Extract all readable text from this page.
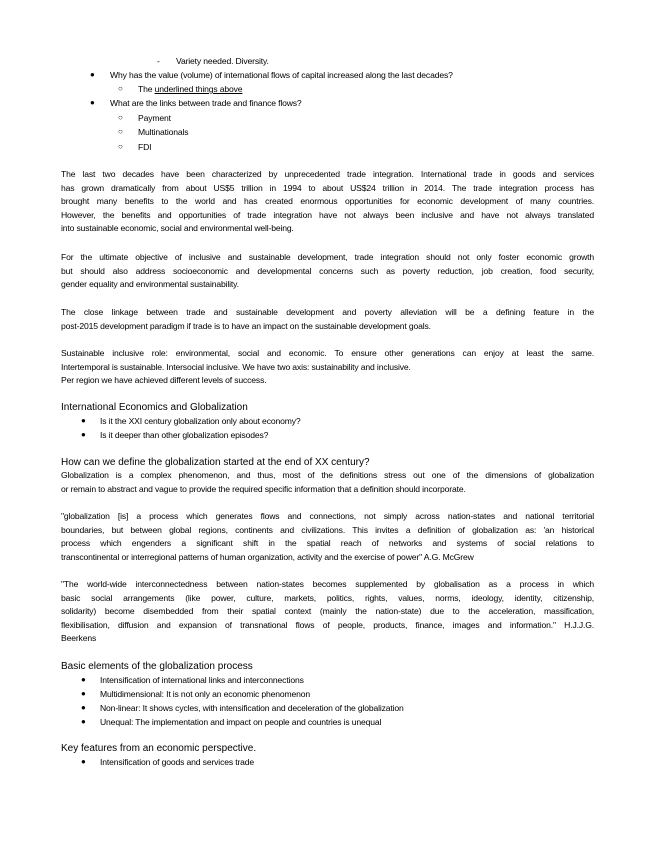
- Variety needed. Diversity.
● Why has the value (volume) of international flows of capital increased along the last decades?
○ The underlined things above
● What are the links between trade and finance flows?
○ Payment
○ Multinationals
○ FDI
The last two decades have been characterized by unprecedented trade integration. International trade in goods and services
has grown dramatically from about US$5 trillion in 1994 to about US$24 trillion in 2014. The trade integration process has
brought many benefits to the world and has created enormous opportunities for economic development of many countries.
However, the benefits and opportunities of trade integration have not always been inclusive and have not always translated
into sustainable economic, social and environmental well-being.
For the ultimate objective of inclusive and sustainable development, trade integration should not only foster economic growth
but should also address socioeconomic and developmental concerns such as poverty reduction, job creation, food security,
gender equality and environmental sustainability.
The close linkage between trade and sustainable development and poverty alleviation will be a defining feature in the
post-2015 development paradigm if trade is to have an impact on the sustainable development goals.
Sustainable inclusive role: environmental, social and economic. To ensure other generations can enjoy at least the same.
Intertemporal is sustainable. Intersocial inclusive. We have two axis: sustainability and inclusive.
Per region we have achieved different levels of success.
International Economics and Globalization
● Is it the XXI century globalization only about economy?
● Is it deeper than other globalization episodes?
How can we define the globalization started at the end of XX century?
Globalization is a complex phenomenon, and thus, most of the definitions stress out one of the dimensions of globalization
or remain to abstract and vague to provide the required specific information that a definition should incorporate.
"globalization [is] a process which generates flows and connections, not simply across nation-states and national territorial
boundaries, but between global regions, continents and civilizations. This invites a definition of globalization as: 'an historical
process which engenders a significant shift in the spatial reach of networks and systems of social relations to
transcontinental or interregional patterns of human organization, activity and the exercise of power" A.G. McGrew
"The world-wide interconnectedness between nation-states becomes supplemented by globalisation as a process in which
basic social arrangements (like power, culture, markets, politics, rights, values, norms, ideology, identity, citizenship,
solidarity) become disembedded from their spatial context (mainly the nation-state) due to the acceleration, massification,
flexibilisation, diffusion and expansion of transnational flows of people, products, finance, images and information." H.J.J.G.
Beerkens
Basic elements of the globalization process
● Intensification of international links and interconnections
● Multidimensional: It is not only an economic phenomenon
● Non-linear: It shows cycles, with intensification and deceleration of the globalization
● Unequal: The implementation and impact on people and countries is unequal
Key features from an economic perspective.
● Intensification of goods and services trade
